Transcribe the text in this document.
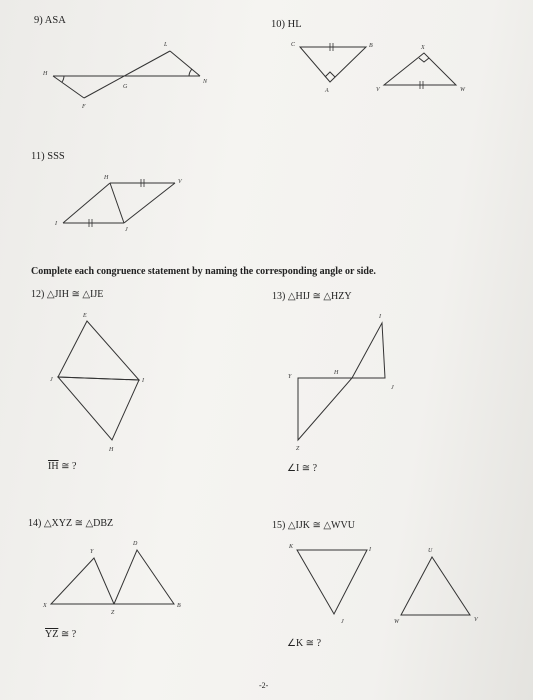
9) ASA	10) HL
11) SSS
Complete each congruence statement by naming the corresponding angle or side.
12) △JIH ≅ △IJE	13) △HIJ ≅ △HZY
$\overline{IH}$ ≅ ?	∠I ≅ ?
14) △XYZ ≅ △DBZ	15) △IJK ≅ △WVU
$\overline{YZ}$ ≅ ?
∠K ≅ ?
-2-
H
F
G
L
N
C	B
A
X
V	W
H
V
I
J
E
J	I
H
I
Y
H
J
Z
Y
D
X
Z
B
K	I
J
U
W	V
